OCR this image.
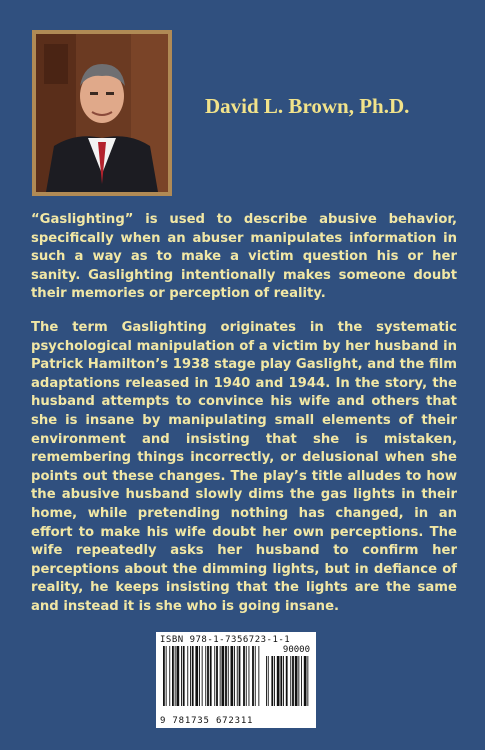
David L. Brown, Ph.D.

“Gaslighting” is used to describe abusive behavior, specifically when an abuser manipulates information in such a way as to make a victim question his or her sanity. Gaslighting intentionally makes someone doubt their memories or perception of reality.

The term Gaslighting originates in the systematic psychological manipulation of a victim by her husband in Patrick Hamilton’s 1938 stage play Gaslight, and the film adaptations released in 1940 and 1944. In the story, the husband attempts to convince his wife and others that she is insane by manipulating small elements of their environment and insisting that she is mistaken, remembering things incorrectly, or delusional when she points out these changes. The play’s title alludes to how the abusive husband slowly dims the gas lights in their home, while pretending nothing has changed, in an effort to make his wife doubt her own perceptions. The wife repeatedly asks her husband to confirm her perceptions about the dimming lights, but in defiance of reality, he keeps insisting that the lights are the same and instead it is she who is going insane.

ISBN 978-1-7356723-1-1
90000
9 781735 672311
